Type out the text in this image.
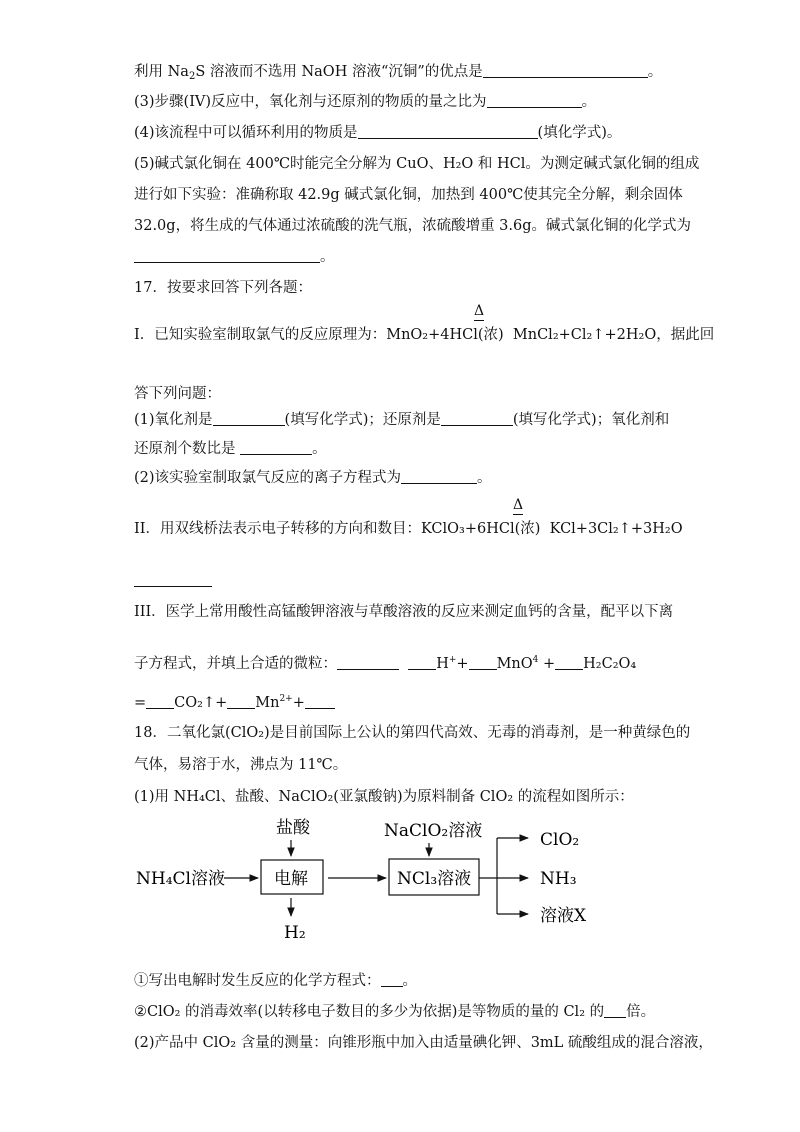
利用 $Na_2S$ 溶液而不选用 NaOH 溶液“沉铜”的优点是	。
(3)步骤(IV)反应中，氧化剂与还原剂的物质的量之比为	。
(4)该流程中可以循环利用的物质是	(填化学式)。
(5)碱式氯化铜在 400℃时能完全分解为 CuO、H₂O 和 HCl。为测定碱式氯化铜的组成
进行如下实验：准确称取 42.9g 碱式氯化铜，加热到 400℃使其完全分解，剩余固体
32.0g，将生成的气体通过浓硫酸的洗气瓶，浓硫酸增重 3.6g。碱式氯化铜的化学式为
。
17．按要求回答下列各题：
Δ
I．已知实验室制取氯气的反应原理为：MnO₂+4HCl(浓) MnCl₂+Cl₂↑+2H₂O，据此回
答下列问题：
(1)氧化剂是	(填写化学式)；还原剂是	(填写化学式)；氧化剂和
还原剂个数比是	。
(2)该实验室制取氯气反应的离子方程式为	。
Δ
II．用双线桥法表示电子转移的方向和数目：KClO₃+6HCl(浓) KCl+3Cl₂↑+3H₂O
III．医学上常用酸性高锰酸钾溶液与草酸溶液的反应来测定血钙的含量，配平以下离
子方程式，并填上合适的微粒：	H++ MnO$^4$ + H₂C₂O₄
= CO₂↑+ $Mn^{2+}+$
18．二氧化氯(ClO₂)是目前国际上公认的第四代高效、无毒的消毒剂，是一种黄绿色的
气体，易溶于水，沸点为 11℃。
(1)用 NH₄Cl、盐酸、NaClO₂(亚氯酸钠)为原料制备 ClO₂ 的流程如图所示：
盐酸	NaClO₂溶液
NH₄Cl溶液	电解	NCl₃溶液
H₂
ClO₂
NH₃
溶液X
①写出电解时发生反应的化学方程式： 。
②ClO₂ 的消毒效率(以转移电子数目的多少为依据)是等物质的量的 Cl₂ 的 倍。
(2)产品中 ClO₂ 含量的测量：向锥形瓶中加入由适量碘化钾、3mL 硫酸组成的混合溶液，
